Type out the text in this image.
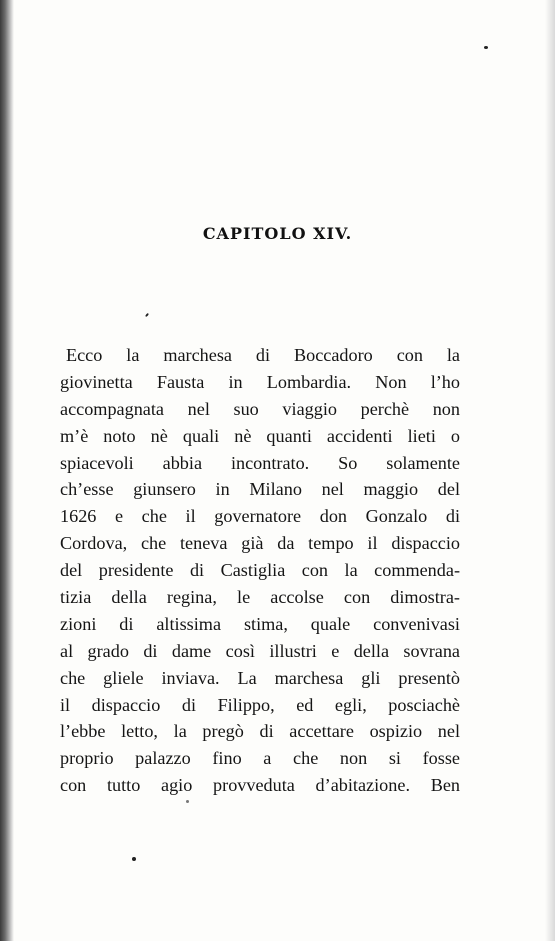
CAPITOLO XIV.
Ecco la marchesa di Boccadoro con la
giovinetta Fausta in Lombardia. Non l’ho
accompagnata nel suo viaggio perchè non
m’è noto nè quali nè quanti accidenti lieti o
spiacevoli abbia incontrato. So solamente
ch’esse giunsero in Milano nel maggio del
1626 e che il governatore don Gonzalo di
Cordova, che teneva già da tempo il dispaccio
del presidente di Castiglia con la commenda-
tizia della regina, le accolse con dimostra-
zioni di altissima stima, quale convenivasi
al grado di dame così illustri e della sovrana
che gliele inviava. La marchesa gli presentò
il dispaccio di Filippo, ed egli, posciachè
l’ebbe letto, la pregò di accettare ospizio nel
proprio palazzo fino a che non si fosse
con tutto agio provveduta d’abitazione. Ben
